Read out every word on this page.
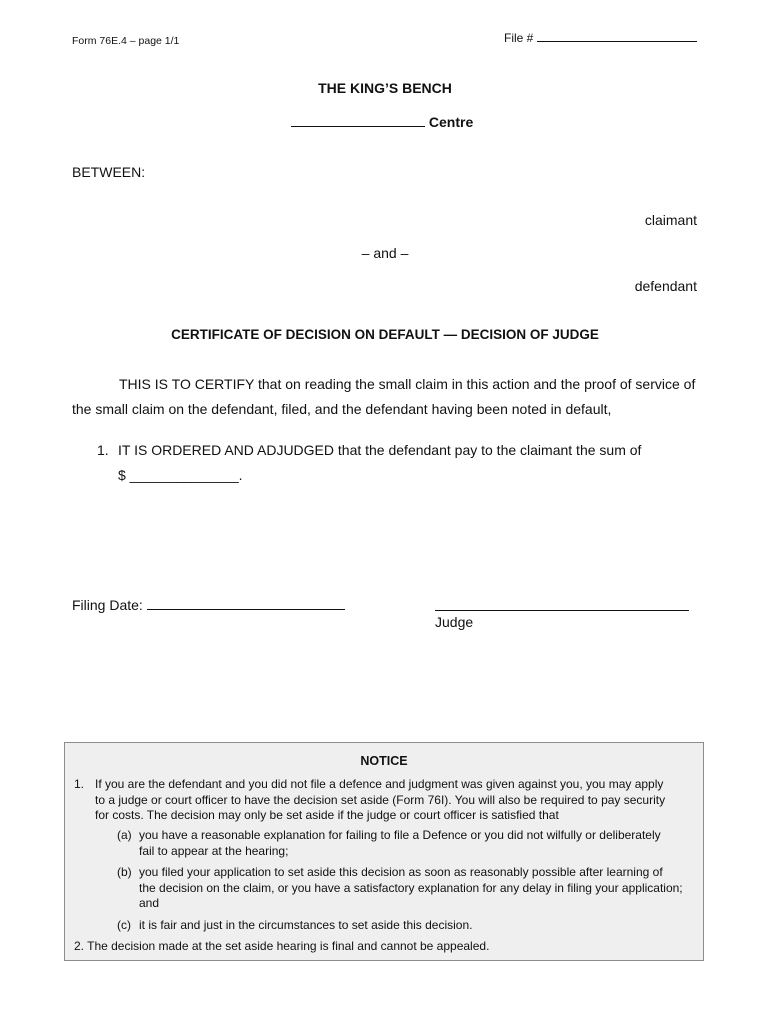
Form 76E.4 – page 1/1	File #
THE KING’S BENCH
Centre
BETWEEN:
claimant
– and –
defendant
CERTIFICATE OF DECISION ON DEFAULT — DECISION OF JUDGE
THIS IS TO CERTIFY that on reading the small claim in this action and the proof of service of
the small claim on the defendant, filed, and the defendant having been noted in default,
1. IT IS ORDERED AND ADJUDGED that the defendant pay to the claimant the sum of
$ ______________.
Filing Date:
Judge
NOTICE
1. If you are the defendant and you did not file a defence and judgment was given against you, you may apply
to a judge or court officer to have the decision set aside (Form 76I). You will also be required to pay security
for costs. The decision may only be set aside if the judge or court officer is satisfied that
(a) you have a reasonable explanation for failing to file a Defence or you did not wilfully or deliberately
fail to appear at the hearing;
(b) you filed your application to set aside this decision as soon as reasonably possible after learning of
the decision on the claim, or you have a satisfactory explanation for any delay in filing your application;
and
(c) it is fair and just in the circumstances to set aside this decision.
2. The decision made at the set aside hearing is final and cannot be appealed.
